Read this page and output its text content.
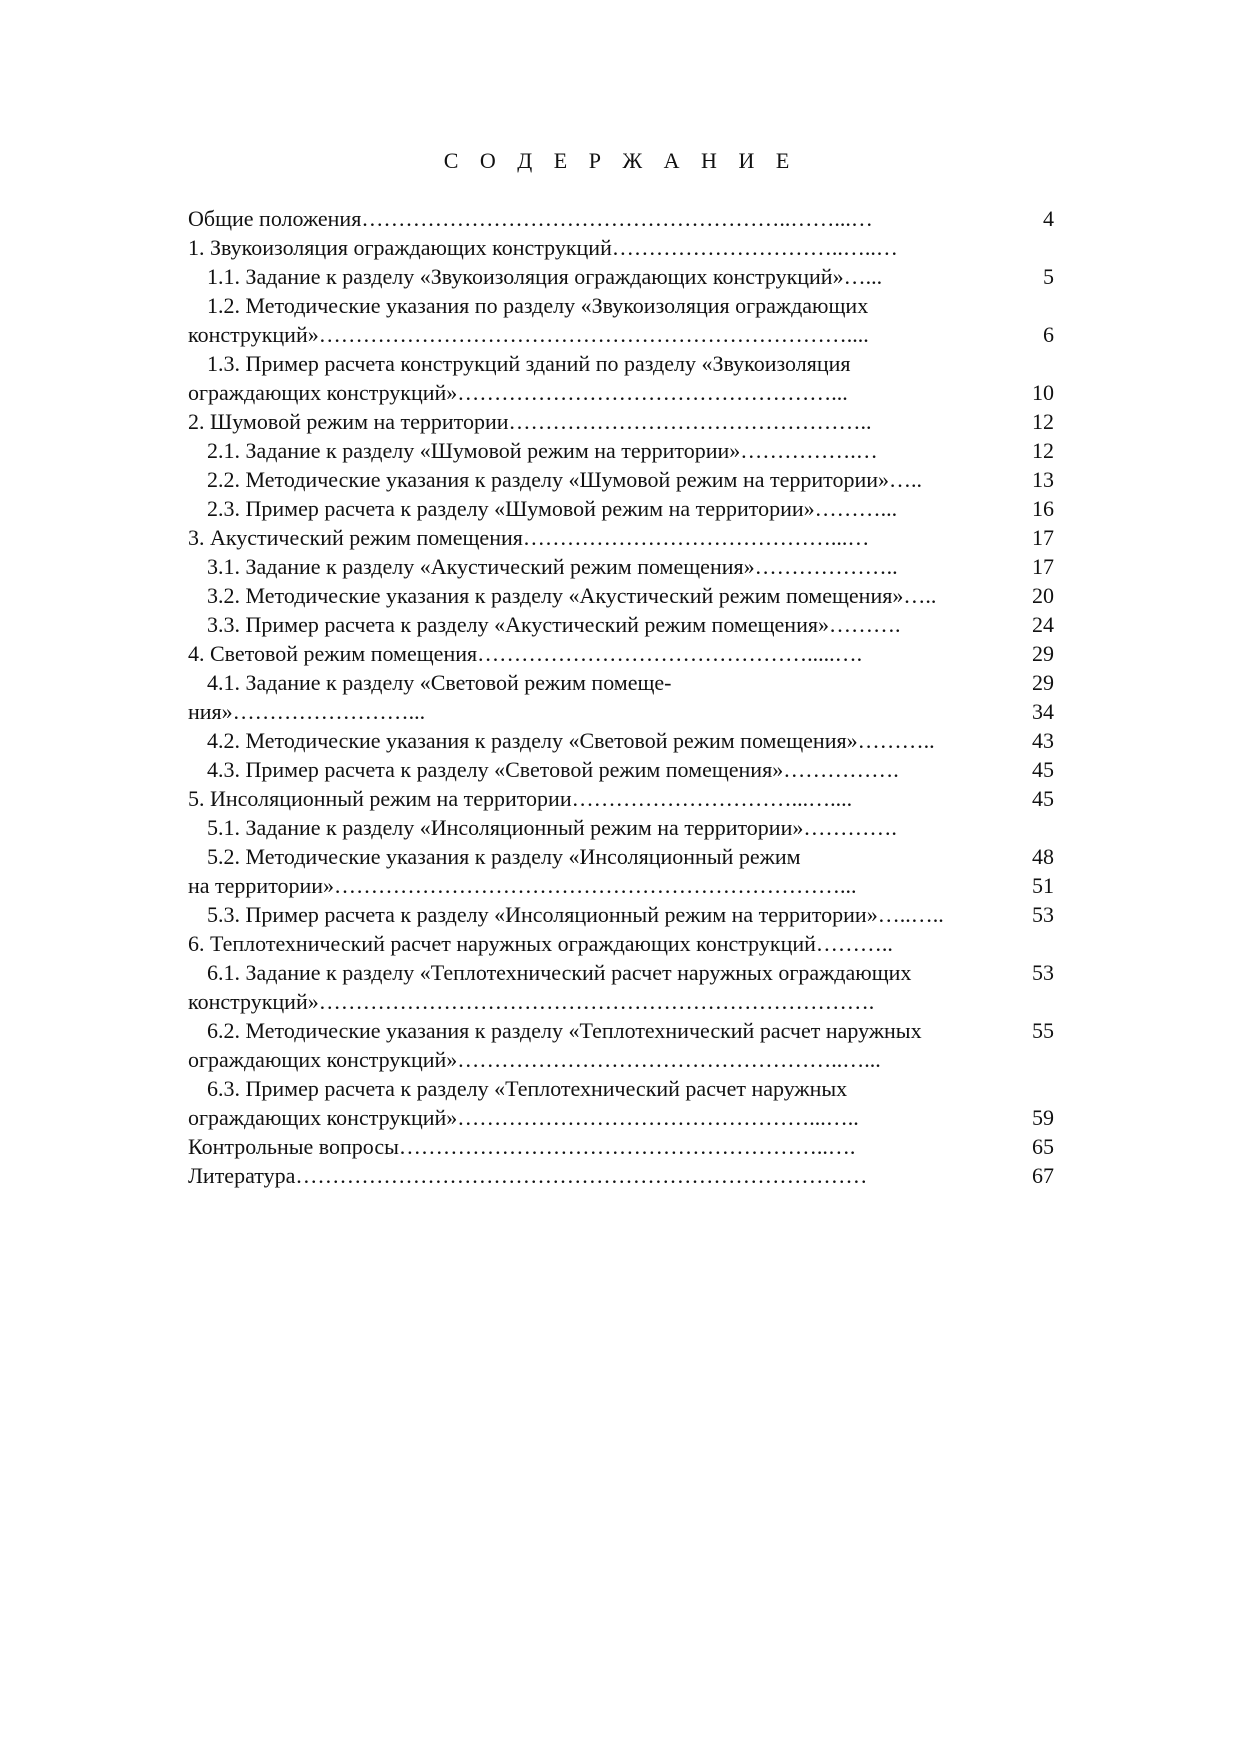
С О Д Е Р Ж А Н И Е
Общие положения…………………………………………………..……...…	4
1. Звукоизоляция ограждающих конструкций…………………………..…..…
1.1. Задание к разделу «Звукоизоляция ограждающих конструкций»…...	5
1.2. Методические указания по разделу «Звукоизоляция ограждающих
конструкций»………………………………………………………………....	6
1.3. Пример расчета конструкций зданий по разделу «Звукоизоляция
ограждающих конструкций»……………………………………………...	10
2. Шумовой режим на территории…………………………………………..	12
2.1. Задание к разделу «Шумовой режим на территории»…………….…	12
2.2. Методические указания к разделу «Шумовой режим на территории»…..	13
2.3. Пример расчета к разделу «Шумовой режим на территории»………...	16
3. Акустический режим помещения……………………………………...…	17
3.1. Задание к разделу «Акустический режим помещения»………………..	17
3.2. Методические указания к разделу «Акустический режим помещения»…..	20
3.3. Пример расчета к разделу «Акустический режим помещения»……….	24
4. Световой режим помещения……………………………………….....….	29
4.1. Задание к разделу «Световой режим помеще-	29
ния»……………………...	34
4.2. Методические указания к разделу «Световой режим помещения»………..	43
4.3. Пример расчета к разделу «Световой режим помещения»…………….	45
5. Инсоляционный режим на территории…………………………...…....	45
5.1. Задание к разделу «Инсоляционный режим на территории»………….
5.2. Методические указания к разделу «Инсоляционный режим	48
на территории»……………………………………………………………...	51
5.3. Пример расчета к разделу «Инсоляционный режим на территории»…..…..	53
6. Теплотехнический расчет наружных ограждающих конструкций………..
6.1. Задание к разделу «Теплотехнический расчет наружных ограждающих	53
конструкций»………………………………………………………………….
6.2. Методические указания к разделу «Теплотехнический расчет наружных	55
ограждающих конструкций»……………………………………………..…...
6.3. Пример расчета к разделу «Теплотехнический расчет наружных
ограждающих конструкций»…………………………………………...…..	59
Контрольные вопросы…………………………………………………..….	65
Литература……………………………………………………………………	67
